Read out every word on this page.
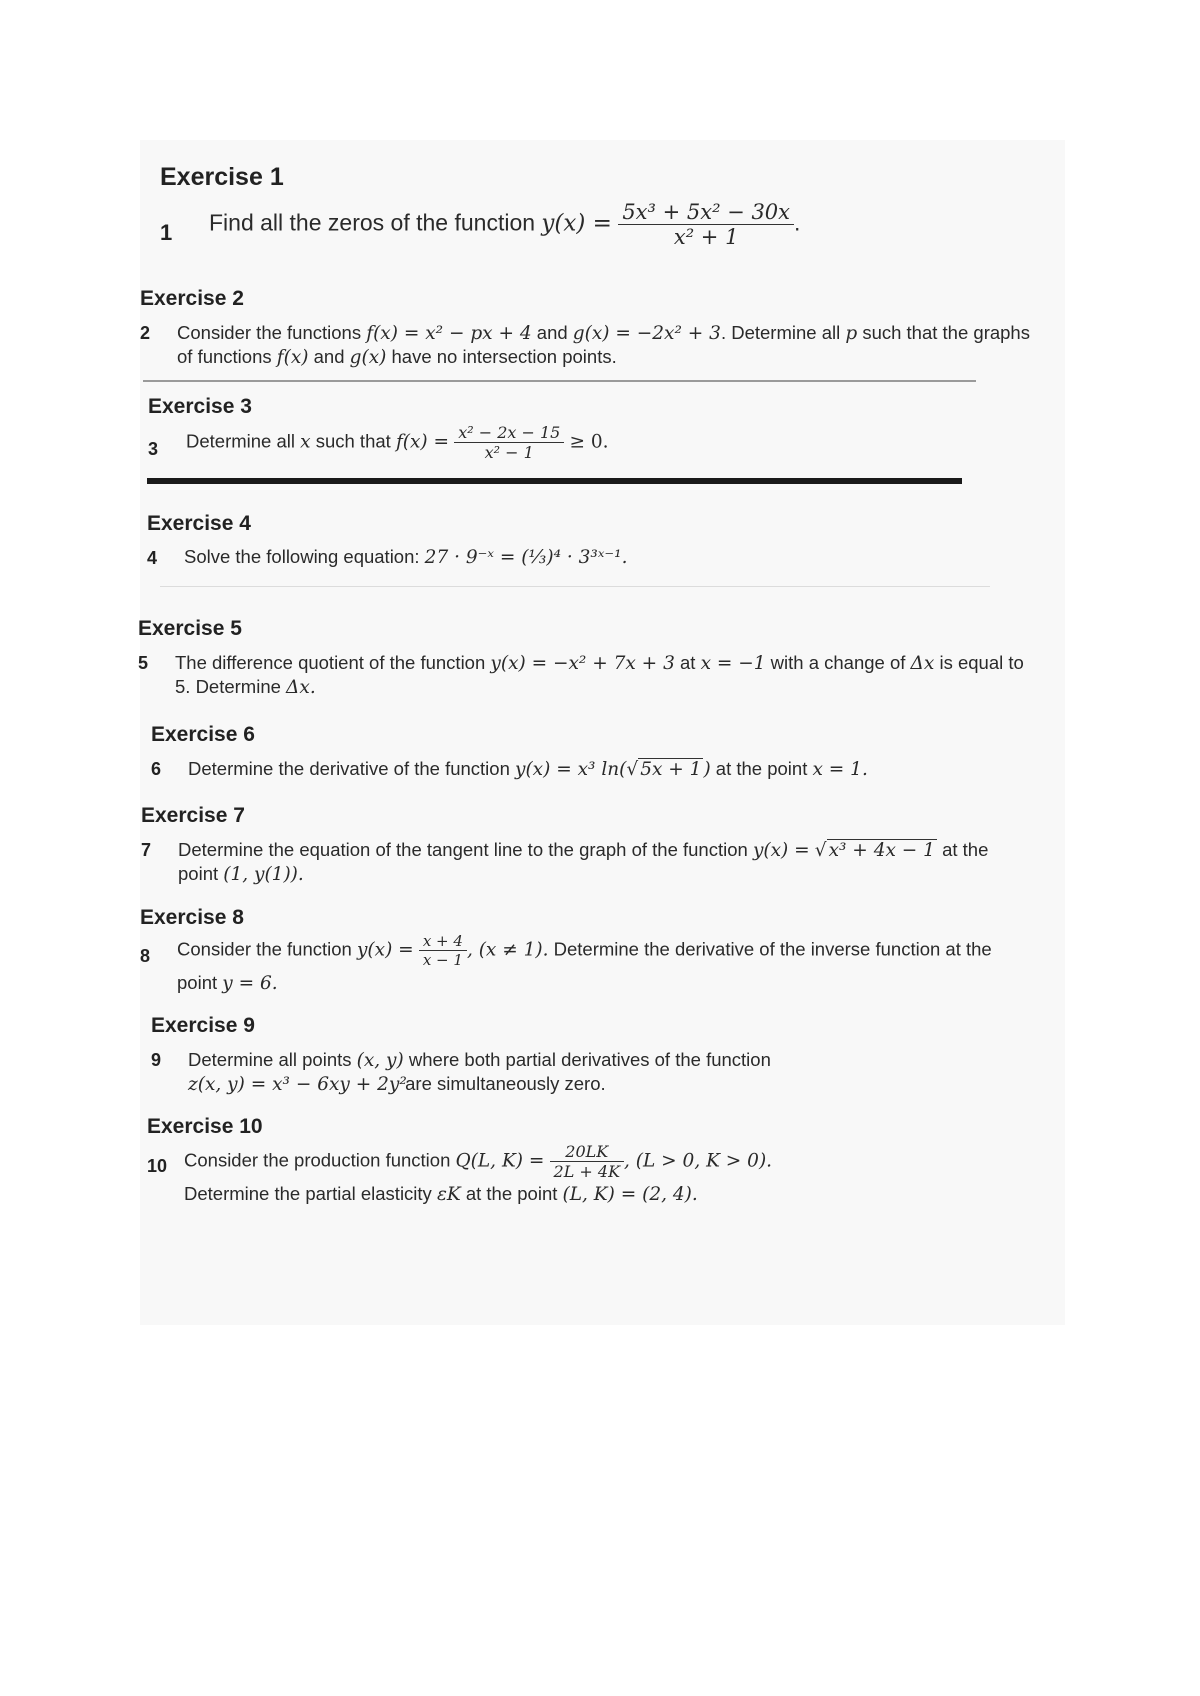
Exercise 1
1 Find all the zeros of the function $y(x) = \frac{\text{5x³ + 5x² − 30x}}{\text{x² + 1}}$ .
Exercise 2
2 Consider the functions f(x) = x² − px + 4 and g(x) = −2x² + 3. Determine all p such that the graphs
of functions f(x) and g(x) have no intersection points.
Exercise 3
3 Determine all x such that $f(x) = \frac{\text{x² − 2x − 15}}{\text{x² − 1}} \ge 0$.
Exercise 4
4 Solve the following equation: 27 · 9⁻ˣ = (⅓)⁴ · 3³ˣ⁻¹.
Exercise 5
5 The difference quotient of the function y(x) = −x² + 7x + 3 at x = −1 with a change of Δx is equal to
5. Determine Δx.
Exercise 6
6 Determine the derivative of the function y(x) = x³ ln(√ 5x + 1 ) at the point x = 1.
Exercise 7
7 Determine the equation of the tangent line to the graph of the function y(x) = √ x³ + 4x − 1 at the
point (1, y(1)).
Exercise 8
8 Consider the function $y(x) = \frac{x + 4}{x - 1}$ , (x ≠ 1). Determine the derivative of the inverse function at the
point y = 6.
Exercise 9
9 Determine all points (x, y) where both partial derivatives of the function
z(x, y) = x³ − 6xy + 2y² are simultaneously zero.
Exercise 10
10 Consider the production function Q(L, $K) = \frac{20LK}{2L + 4K}$ , (L > 0, K > 0).
Determine the partial elasticity εK at the point (L, K) = (2, 4).
